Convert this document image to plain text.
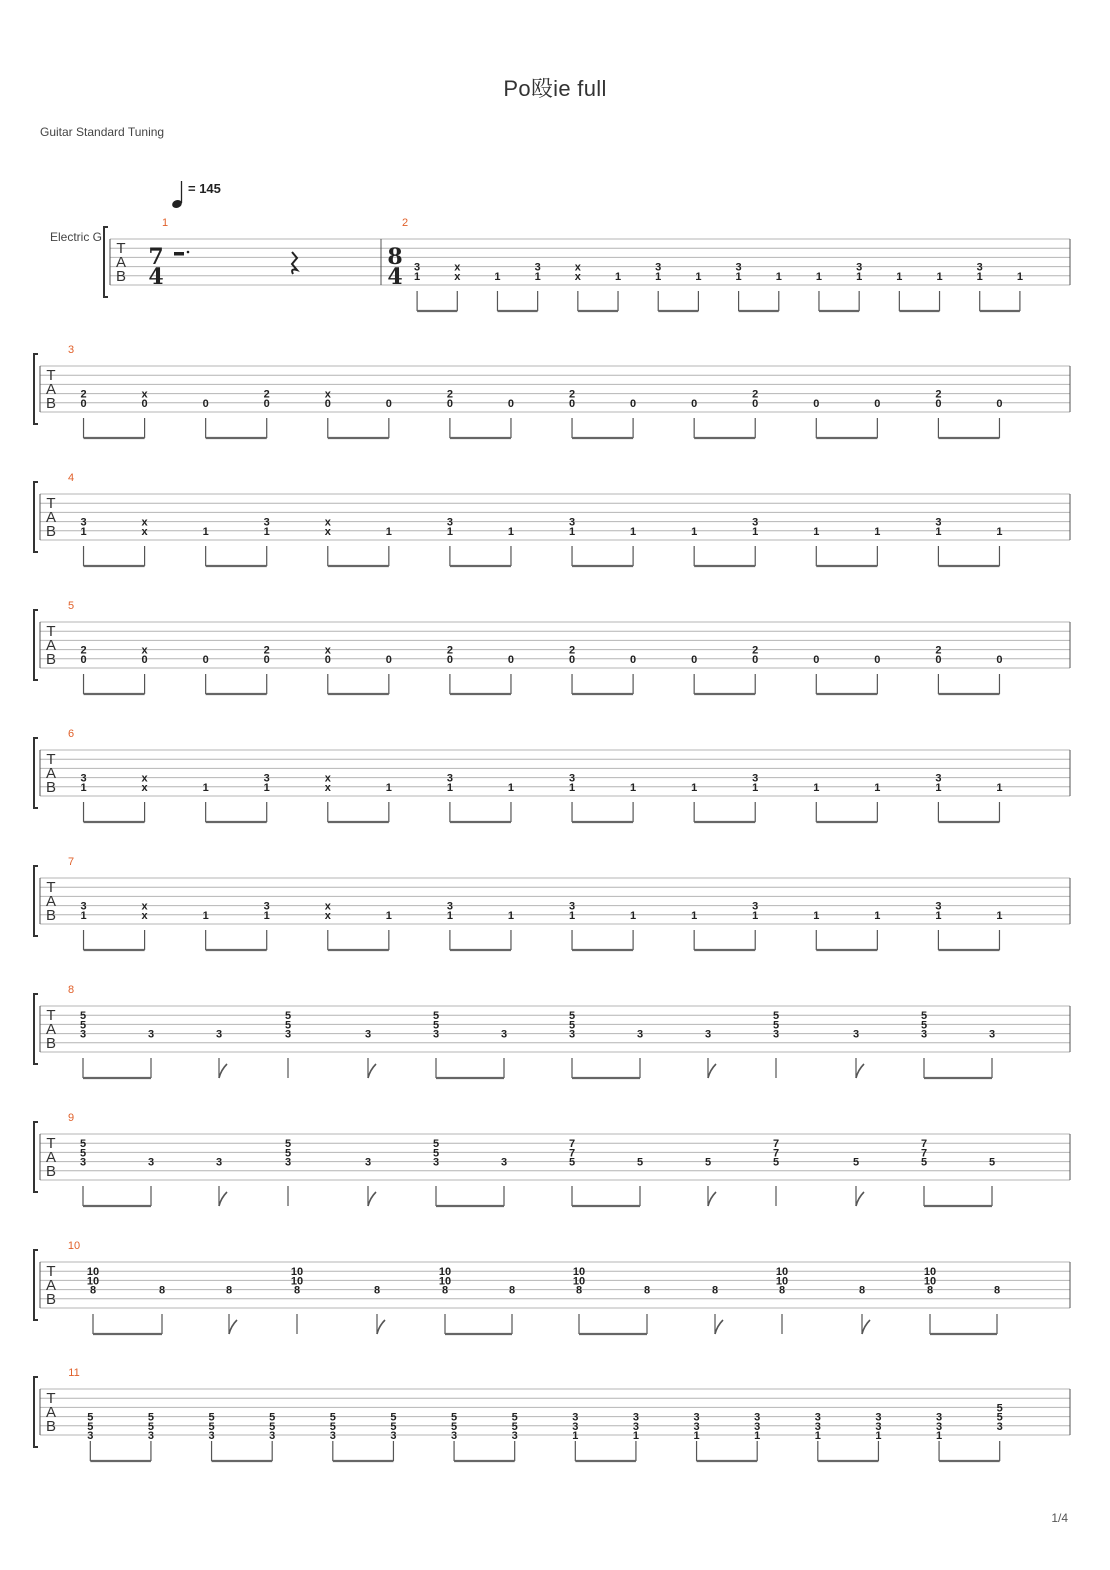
Po殴ie full
Guitar Standard Tuning
T
A
B
Electric G
= 145
1
7
4
2
8
4 1
3
x
x
1	1
3
x
x
1	1
3
1	1
3
1	1	1
3
1	1	1
3
1
T
A
B
3
0
2
0
x
0	0
2
0
x
0	0
2
0	0
2
0	0	0
2
0	0	0
2
0
T
A
B
4
1
3
x
x
1	1
3
x
x
1	1
3
1	1
3
1	1	1
3
1	1	1
3
1
T
A
B
5
0
2
0
x
0	0
2
0
x
0	0
2
0	0
2
0	0	0
2
0	0	0
2
0
T
A
B
6
1
3
x
x
1	1
3
x
x
1	1
3
1	1
3
1	1	1
3
1	1	1
3
1
T
A
B
7
1
3
x
x
1	1
3
x
x
1	1
3
1	1
3
1	1	1
3
1	1	1
3
1
T
A
B
8
3
5
5
3	3	3
5
5
3	3
5
5
3	3
5
5
3	3	3
5
5
3	3
5
5
3
T
A
B
9
3
5
5
3	3	3
5
5
3	3
5
5
3	5
7
7
5	5	5
7
7
5	5
7
7
5
T
A
B
10
8
10
10
8	8	8
10
10
8	8
10
10
8	8
10
10
8	8	8
10
10
8	8
10
10
8
T
A
B
11
3
5
5
3
5
5
3
5
5
3
5
5
3
5
5
3
5
5
3
5
5
3
5
5
1
3
3
1
3
3
1
3
3
1
3
3
1
3
3
1
3
3
1
3
3
3
5
5
1/4
